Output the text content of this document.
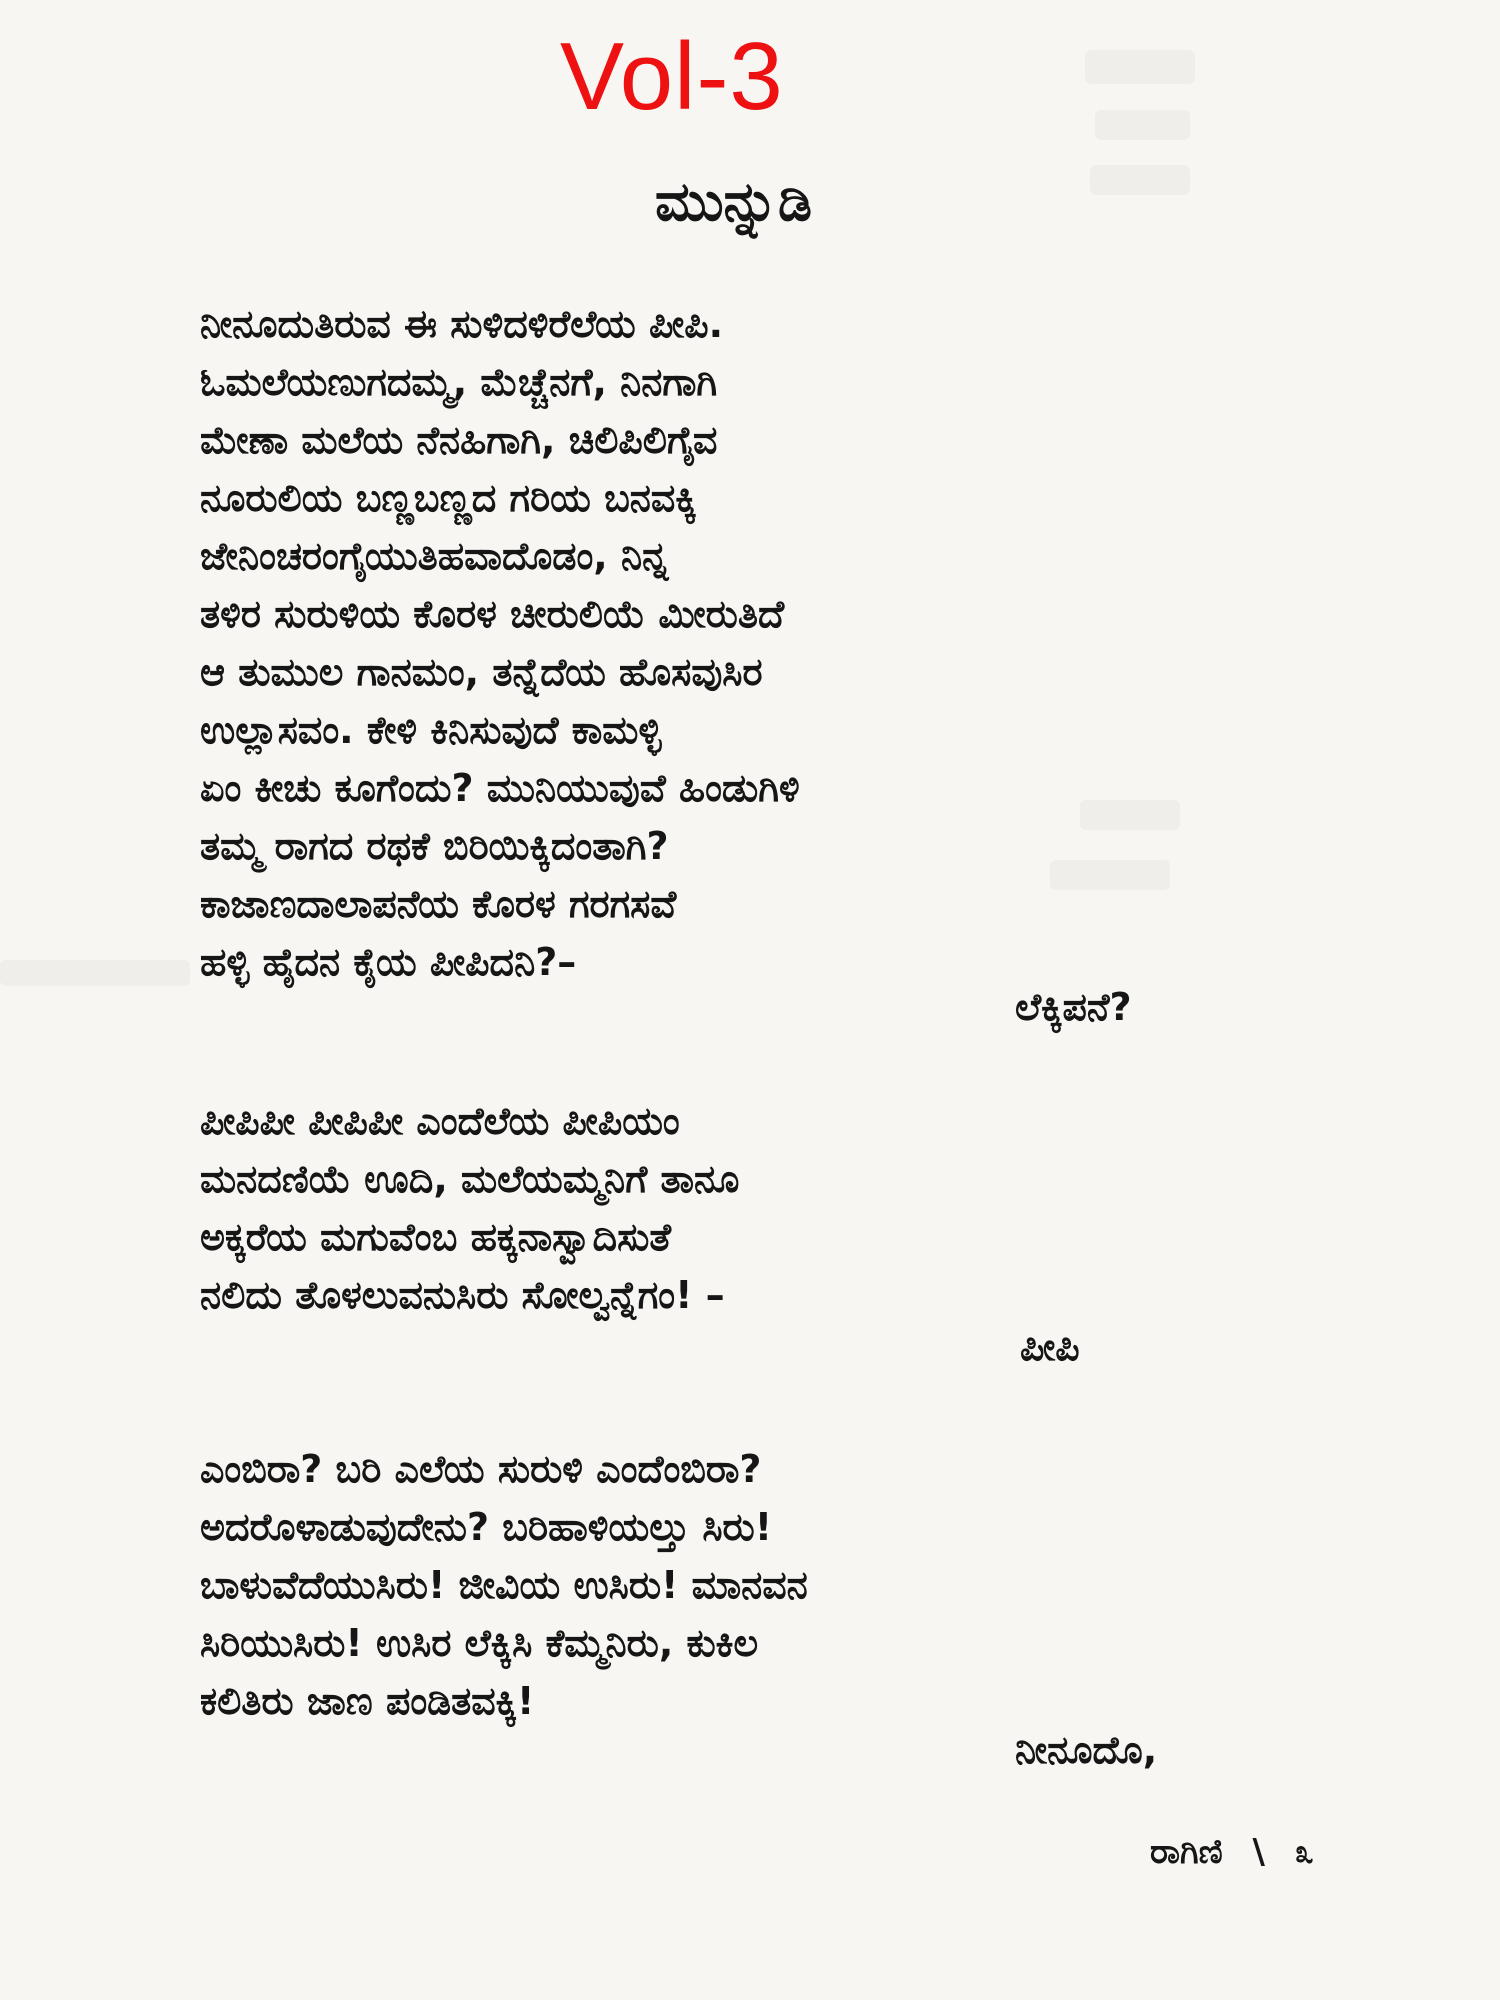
Vol-3
ಮುನ್ನುಡಿ
ನೀನೂದುತಿರುವ ಈ ಸುಳಿದಳಿರೆಲೆಯ ಪೀಪಿ.
ಓಮಲೆಯಣುಗದಮ್ಮ, ಮೆಚ್ಚೆನಗೆ, ನಿನಗಾಗಿ
ಮೇಣಾ ಮಲೆಯ ನೆನಹಿಗಾಗಿ, ಚಿಲಿಪಿಲಿಗೈವ
ನೂರುಲಿಯ ಬಣ್ಣಬಣ್ಣದ ಗರಿಯ ಬನವಕ್ಕಿ
ಜೇನಿಂಚರಂಗೈಯುತಿಹವಾದೊಡಂ, ನಿನ್ನ
ತಳಿರ ಸುರುಳಿಯ ಕೊರಳ ಚೀರುಲಿಯೆ ಮೀರುತಿದೆ
ಆ ತುಮುಲ ಗಾನಮಂ, ತನ್ನೆದೆಯ ಹೊಸವುಸಿರ
ಉಲ್ಲಾಸವಂ. ಕೇಳಿ ಕಿನಿಸುವುದೆ ಕಾಮಳ್ಳಿ
ಏಂ ಕೀಚು ಕೂಗೆಂದು? ಮುನಿಯುವುವೆ ಹಿಂಡುಗಿಳಿ
ತಮ್ಮ ರಾಗದ ರಥಕೆ ಬಿರಿಯಿಕ್ಕಿದಂತಾಗಿ?
ಕಾಜಾಣದಾಲಾಪನೆಯ ಕೊರಳ ಗರಗಸವೆ
ಹಳ್ಳಿ ಹೈದನ ಕೈಯ ಪೀಪಿದನಿ?–
ಲೆಕ್ಕಿಪನೆ?
ಪೀಪಿಪೀ ಪೀಪಿಪೀ ಎಂದೆಲೆಯ ಪೀಪಿಯಂ
ಮನದಣಿಯೆ ಊದಿ, ಮಲೆಯಮ್ಮನಿಗೆ ತಾನೂ
ಅಕ್ಕರೆಯ ಮಗುವೆಂಬ ಹಕ್ಕನಾಸ್ವಾದಿಸುತೆ
ನಲಿದು ತೊಳಲುವನುಸಿರು ಸೋಲ್ವನ್ನೆಗಂ! –
ಪೀಪಿ
ಎಂಬಿರಾ? ಬರಿ ಎಲೆಯ ಸುರುಳಿ ಎಂದೆಂಬಿರಾ?
ಅದರೊಳಾಡುವುದೇನು? ಬರಿಹಾಳಿಯಲ್ತು ಸಿರು!
ಬಾಳುವೆದೆಯುಸಿರು! ಜೀವಿಯ ಉಸಿರು! ಮಾನವನ
ಸಿರಿಯುಸಿರು! ಉಸಿರ ಲೆಕ್ಕಿಸಿ ಕೆಮ್ಮನಿರು, ಕುಕಿಲ
ಕಲಿತಿರು ಜಾಣ ಪಂಡಿತವಕ್ಕಿ!
ನೀನೂದೊ,
ರಾಗಿಣಿ \ ೩
